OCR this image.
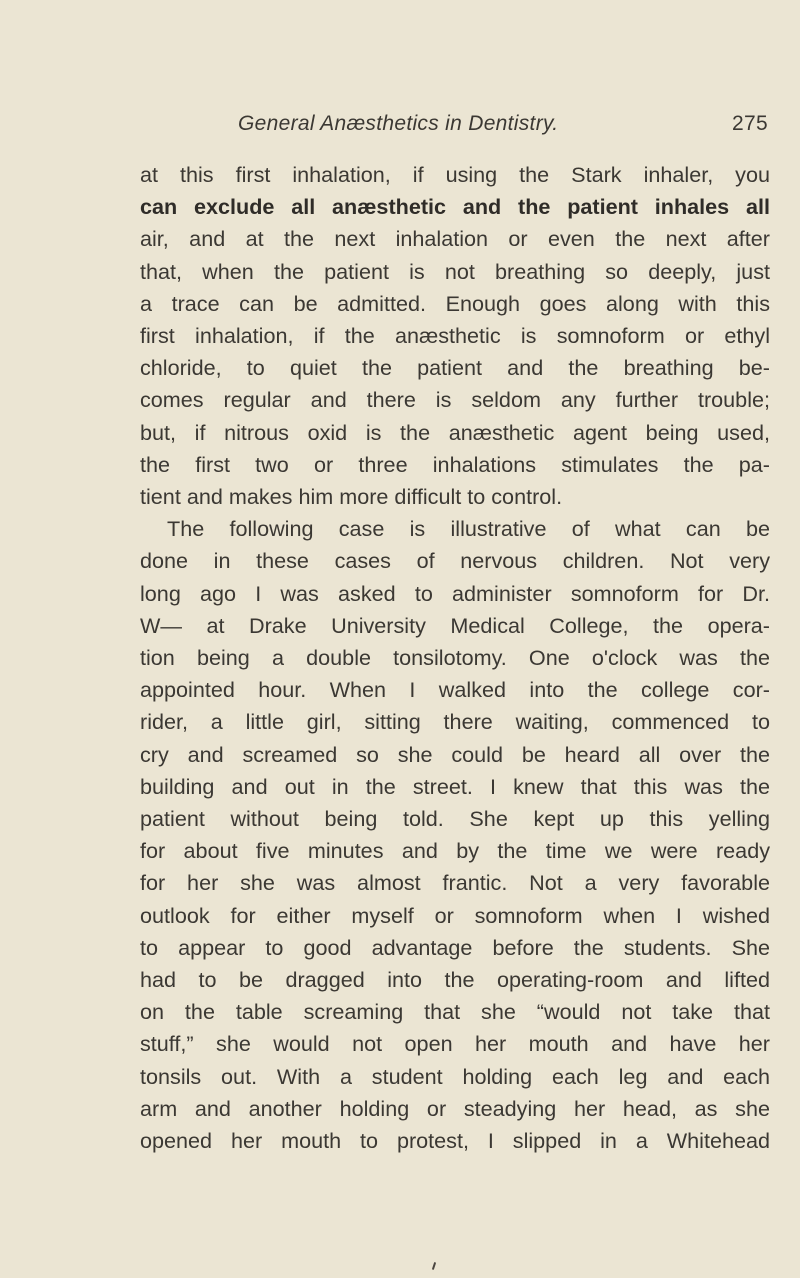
General Anæsthetics in Dentistry.	275

at this first inhalation, if using the Stark inhaler, you
can exclude all anæsthetic and the patient inhales all
air, and at the next inhalation or even the next after
that, when the patient is not breathing so deeply, just
a trace can be admitted. Enough goes along with this
first inhalation, if the anæsthetic is somnoform or ethyl
chloride, to quiet the patient and the breathing be-
comes regular and there is seldom any further trouble;
but, if nitrous oxid is the anæsthetic agent being used,
the first two or three inhalations stimulates the pa-
tient and makes him more difficult to control.

The following case is illustrative of what can be
done in these cases of nervous children. Not very
long ago I was asked to administer somnoform for Dr.
W— at Drake University Medical College, the opera-
tion being a double tonsilotomy. One o'clock was the
appointed hour. When I walked into the college cor-
rider, a little girl, sitting there waiting, commenced to
cry and screamed so she could be heard all over the
building and out in the street. I knew that this was the
patient without being told. She kept up this yelling
for about five minutes and by the time we were ready
for her she was almost frantic. Not a very favorable
outlook for either myself or somnoform when I wished
to appear to good advantage before the students. She
had to be dragged into the operating-room and lifted
on the table screaming that she “would not take that
stuff,” she would not open her mouth and have her
tonsils out. With a student holding each leg and each
arm and another holding or steadying her head, as she
opened her mouth to protest, I slipped in a Whitehead
